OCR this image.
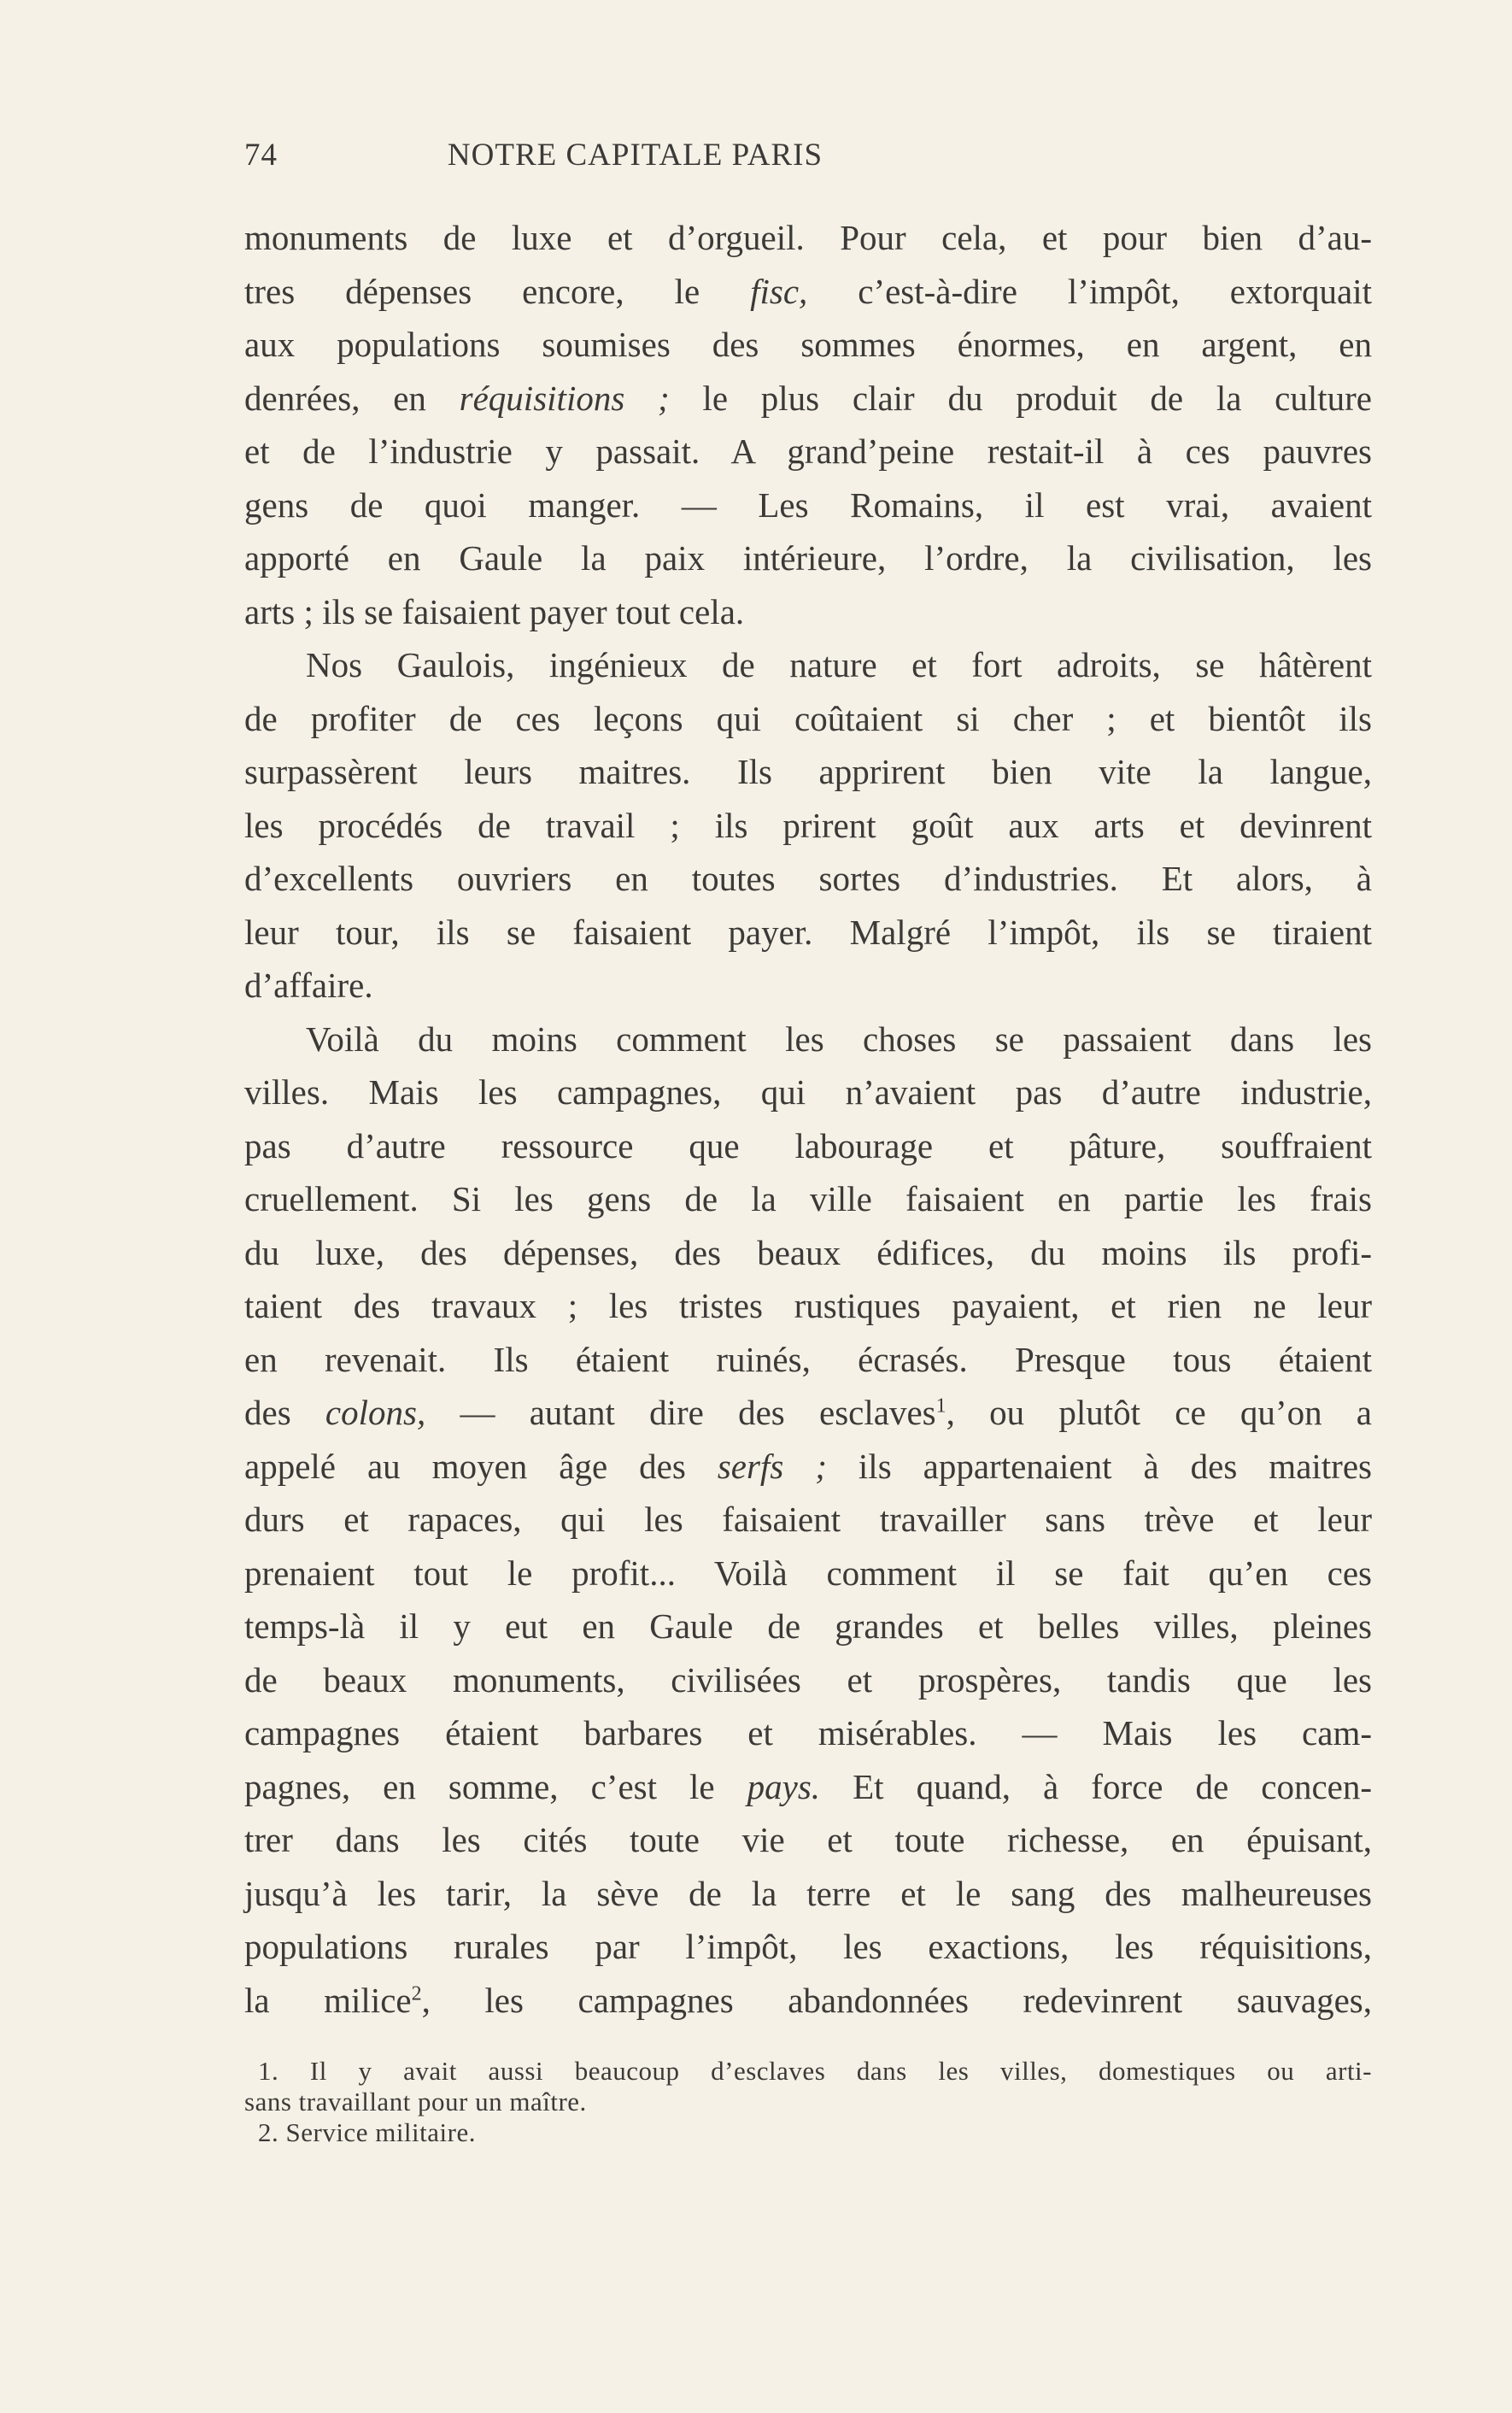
74	NOTRE CAPITALE PARIS
monuments de luxe et d’orgueil. Pour cela, et pour bien d’au-
tres dépenses encore, le fisc, c’est-à-dire l’impôt, extorquait
aux populations soumises des sommes énormes, en argent, en
denrées, en réquisitions ; le plus clair du produit de la culture
et de l’industrie y passait. A grand’peine restait-il à ces pauvres
gens de quoi manger. — Les Romains, il est vrai, avaient
apporté en Gaule la paix intérieure, l’ordre, la civilisation, les
arts ; ils se faisaient payer tout cela.
Nos Gaulois, ingénieux de nature et fort adroits, se hâtèrent
de profiter de ces leçons qui coûtaient si cher ; et bientôt ils
surpassèrent leurs maitres. Ils apprirent bien vite la langue,
les procédés de travail ; ils prirent goût aux arts et devinrent
d’excellents ouvriers en toutes sortes d’industries. Et alors, à
leur tour, ils se faisaient payer. Malgré l’impôt, ils se tiraient
d’affaire.
Voilà du moins comment les choses se passaient dans les
villes. Mais les campagnes, qui n’avaient pas d’autre industrie,
pas d’autre ressource que labourage et pâture, souffraient
cruellement. Si les gens de la ville faisaient en partie les frais
du luxe, des dépenses, des beaux édifices, du moins ils profi-
taient des travaux ; les tristes rustiques payaient, et rien ne leur
en revenait. Ils étaient ruinés, écrasés. Presque tous étaient
des colons, — autant dire des esclaves$^1$, ou plutôt ce qu’on a
appelé au moyen âge des serfs ; ils appartenaient à des maitres
durs et rapaces, qui les faisaient travailler sans trève et leur
prenaient tout le profit... Voilà comment il se fait qu’en ces
temps-là il y eut en Gaule de grandes et belles villes, pleines
de beaux monuments, civilisées et prospères, tandis que les
campagnes étaient barbares et misérables. — Mais les cam-
pagnes, en somme, c’est le pays. Et quand, à force de concen-
trer dans les cités toute vie et toute richesse, en épuisant,
jusqu’à les tarir, la sève de la terre et le sang des malheureuses
populations rurales par l’impôt, les exactions, les réquisitions,
la milice$^2$, les campagnes abandonnées redevinrent sauvages,
1. Il y avait aussi beaucoup d’esclaves dans les villes, domestiques ou arti-
sans travaillant pour un maître.
2. Service militaire.
